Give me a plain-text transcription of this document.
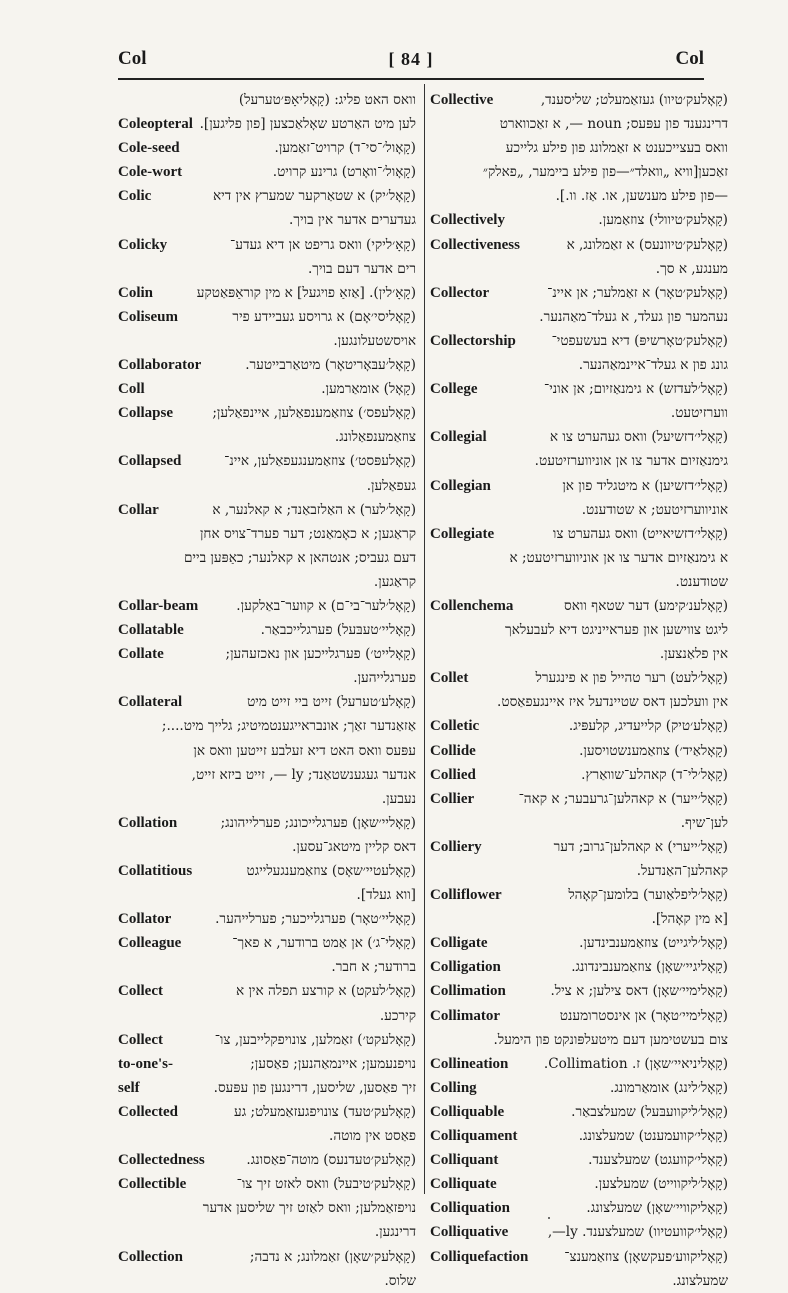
Col	[ 84 ]	Col
וואס האט פליג: (קָאָליאָפּ׳טערעל)
Coleopteral לען מיט האַרטע שאָלאַכצען [פון פליגען].
Cole-seed	(קָאָול׳־סי־ד) קרויט־זאַמען.
Cole-wort	(קָאָול׳־וואָרט) גרינע קרויט.
Colic	(קָאָל׳יק) א שטאַרקער שמערץ אין דיא
געדערים אדער אין בויך.
Colicky	(קָאָ׳ליקי) וואס גריפט אן דיא געדע־
רים אדער דעם בויך.
Colin	(קָאָ׳לין). [אַזאַ פויגעל] א מין קוראַפּאַטקע
Coliseum	(קָאָליסי׳אָם) א גרויסע געביידע פיר
אויסשטעלונגען.
Collaborator	(קָאָל׳עבּאָריטאָר) מיטאַרבייטער.
Coll	(קָאָל) אומאַרמען.
Collapse	(קָאָלעפס׳) צוזאַמענפאַלען, איינפאַלען;
צוזאַמענפאַלונג.
Collapsed	(קָאָלעפּסט׳) צוזאַמענגעפאַלען, איינ־
געפאַלען.
Collar	(קָאָל׳לער) א האַלזבאַנד; א קאלנער, א
קראַגען; א כאָמאַנט; דער פערד־צויס אחן
דעם געביס; אנטהאן א קאלנער; כאַפּען ביים
קראַגען.
Collar-beam	(קָאָל׳לער־בי־ם) א קווער־באַלקען.
Collatable	(קָאָליי׳טעבּעל) פערגלייכבאַר.
Collate	(קָאָלייט׳) פערגלייכען און נאכזעהען;
פערגלייהען.
Collateral	(קָאָלע׳טערעל) זייט ביי זייט מיט
אַזאַנדער זאַך; אונבראייגענטמיטיג; גלייך מיט....;
עפּעס וואס האט דיא זעלבע זייטען וואס אן
אנדער געגענשטאַנד; ly —, זייט ביזא זייט,
נעבען.
Collation	(קָאָליי׳שאָן) פערגלייכונג; פערלייהונג;
דאס קליין מיטאג־עסען.
Collatitious	(קָאָלעטיי׳שאָס) צוזאַמענגעלייגט
[ווא געלד].
Collator	(קָאָליי׳טאָר) פערגלייכער; פערלייהער.
Colleague	(קָאָלי־ג׳) אן אַמט ברודער, א פאך־
ברודער; א חבר.
Collect	(קָאָל׳לעקט) א קורצע תפלה אין א
קירכע.
Collect	(קָאָלעקט׳) זאַמלען, צונויפקלייבען, צו־
to-one's-	נויפנעמען; איינמאַהנען; פאַסען;
self	זיך פאַסען, שליסען, דרינגען פון עפּעס.
Collected	(קָאָלעק׳טעד) צונויפגעזאַמעלט; גע
פאַסט אין מוטה.
Collectedness	(קָאָלעק׳טעדנעס) מוטה־פאַסונג.
Collectible	(קָאָלעק׳טיבעל) וואס לאזט זיך צו־
נויפזאַמלען; וואס לאַזט זיך שליסען אדער
דרינגען.
Collection	(קָאָלעק׳שאָן) זאַמלונג; א נדבה;
שלוס.
Collective	(קָאָלעק׳טיוו) געזאַמעלט; שליסענד,
דרינגענד פון עפּעס; noun —, א זאַכווארט
וואס בעצייכענט א זאַמלונג פון פילע גלייכע
זאַכען[וויא „וואלד״—פון פילע ביימער, „פאלק״
—פון פילע מענשען, או. אַז. וו.].
Collectively	(קָאָלעק׳טיוולי) צוזאַמען.
Collectiveness	(קָאָלעק׳טיוונעס) א זאַמלונג, א
מענגע, א סך.
Collector	(קָאָלעק׳טאָר) א זאַמלער; אן איינ־
נעהמער פון געלד, א געלד־מאַהנער.
Collectorship	(קָאָלעק׳טאָרשיפּ) דיא בעשעפטי־
גונג פון א געלד־איינמאַהנער.
College	(קָאָל׳לעדזש) א גימנאַזיום; אן אוני־
ווערזיטעט.
Collegial	(קָאָלי׳דזשיעל) וואס געהערט צו א
גימנאַזיום אדער צו אן אוניווערזיטעט.
Collegian	(קָאָלי׳דזשיען) א מיטגליד פון אן
אוניווערזיטעט; א שטודענט.
Collegiate	(קָאָלי׳דזשיאייט) וואס געהערט צו
א גימנאַזיום אדער צו אן אוניווערזיטעט; א
שטודענט.
Collenchema	(קָאָלענ׳קימע) דער שטאף וואס
ליגט צווישען און פעראייניגט דיא לעבעלאך
אין פלאַנצען.
Collet	(קָאָל׳לעט) רער טהייל פון א פינגערל
אין וועלכען דאס שטיינדעל איז איינגעפאַסט.
Colletic	(קָאָלע׳טיק) קלייעדיג, קלעפּיג.
Collide	(קָאָלאַיד׳) צוזאַמענשטויסען.
Collied	(קָאָל׳לי־ד) קאהלע־שוואַרץ.
Collier	(קָאָל׳ייער) א קאהלען־גרעבער; א קאה־
לען־שיף.
Colliery	(קָאָל׳ייערי) א קאהלען־גרוב; דער
קאהלען־האַנדעל.
Colliflower	(קָאָל׳ליפלאַוער) בלומען־קאָהל
[א מין קאָהל].
Colligate	(קָאָל׳ליגייט) צוזאַמענבינדען.
Colligation	(קָאָליגיי׳שאָן) צוזאַמענבינדונג.
Collimation	(קָאָלימיי׳שאָן) דאס צילען; א ציל.
Collimator	(קָאָלימיי׳טאָר) אן אינסטרומענט
צום בעשטימען דעם מיטעלפּונקט פון הימעל.
Collineation	(קָאָליניאיי׳שאָן) ז. Collimation.
Colling	(קָאָל׳לינג) אומאַרמונג.
Colliquable	(קָאָל׳ליקוועבּעל) שמעלצבאַר.
Colliquament	(קָאָלי׳קוועמענט) שמעלצונג.
Colliquant	(קָאָלי׳קוועגט) שמעלצענד.
Colliquate	(קָאָל׳ליקווייט) שמעלצען.
Colliquation	(קָאָליקוויי׳שאָן) שמעלצונג.
Colliquative	(קָאָלי׳קוועטיוו) שמעלצענד. ly—,
Colliquefaction	(קָאָליקווע׳פעקשאָן) צוזאַמענצ־
שמעלצונג.
